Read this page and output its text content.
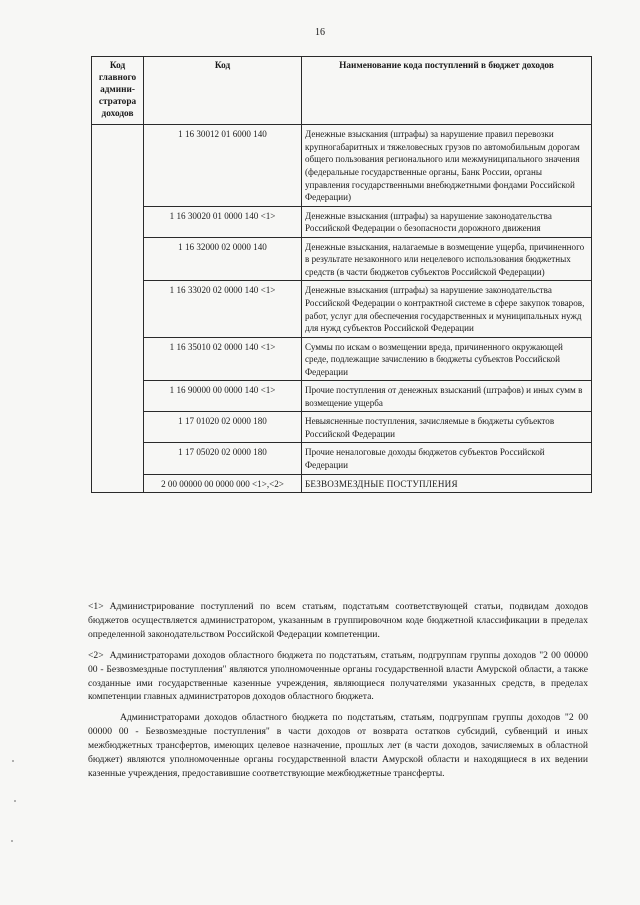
16
Код главного админи-стратора доходов	Код	Наименование кода поступлений в бюджет доходов
	1 16 30012 01 6000 140	Денежные взыскания (штрафы) за нарушение правил перевозки крупногабаритных и тяжеловесных грузов по автомобильным дорогам общего пользования регионального или межмуниципального значения (федеральные государственные органы, Банк России, органы управления государственными внебюджетными фондами Российской Федерации)
	1 16 30020 01 0000 140 <1>	Денежные взыскания (штрафы) за нарушение законодательства Российской Федерации о безопасности дорожного движения
	1 16 32000 02 0000 140	Денежные взыскания, налагаемые в возмещение ущерба, причиненного в результате незаконного или нецелевого использования бюджетных средств (в части бюджетов субъектов Российской Федерации)
	1 16 33020 02 0000 140 <1>	Денежные взыскания (штрафы) за нарушение законодательства Российской Федерации о контрактной системе в сфере закупок товаров, работ, услуг для обеспечения государственных и муниципальных нужд для нужд субъектов Российской Федерации
	1 16 35010 02 0000 140 <1>	Суммы по искам о возмещении вреда, причиненного окружающей среде, подлежащие зачислению в бюджеты субъектов Российской Федерации
	1 16 90000 00 0000 140 <1>	Прочие поступления от денежных взысканий (штрафов) и иных сумм в возмещение ущерба
	1 17 01020 02 0000 180	Невыясненные поступления, зачисляемые в бюджеты субъектов Российской Федерации
	1 17 05020 02 0000 180	Прочие неналоговые доходы бюджетов субъектов Российской Федерации
	2 00 00000 00 0000 000 <1>,<2>	БЕЗВОЗМЕЗДНЫЕ ПОСТУПЛЕНИЯ

<1> Администрирование поступлений по всем статьям, подстатьям соответствующей статьи, подвидам доходов бюджетов осуществляется администратором, указанным в группировочном коде бюджетной классификации в пределах определенной законодательством Российской Федерации компетенции.

<2> Администраторами доходов областного бюджета по подстатьям, статьям, подгруппам группы доходов "2 00 00000 00 - Безвозмездные поступления" являются уполномоченные органы государственной власти Амурской области, а также созданные ими государственные казенные учреждения, являющиеся получателями указанных средств, в пределах компетенции главных администраторов доходов областного бюджета.

Администраторами доходов областного бюджета по подстатьям, статьям, подгруппам группы доходов "2 00 00000 00 - Безвозмездные поступления" в части доходов от возврата остатков субсидий, субвенций и иных межбюджетных трансфертов, имеющих целевое назначение, прошлых лет (в части доходов, зачисляемых в областной бюджет) являются уполномоченные органы государственной власти Амурской области и находящиеся в их ведении казенные учреждения, предоставившие соответствующие межбюджетные трансферты.
